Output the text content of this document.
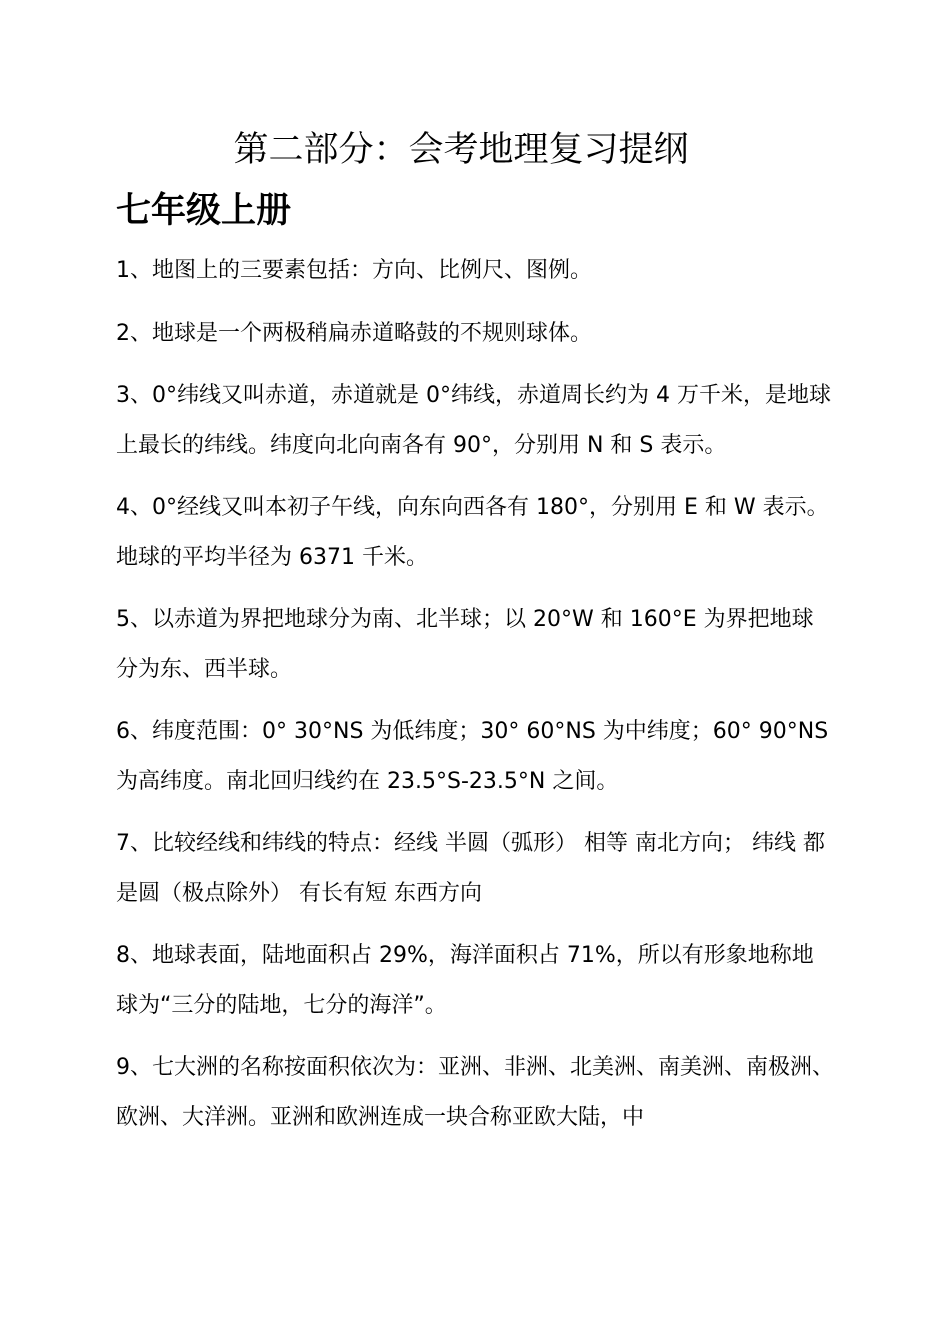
第二部分：会考地理复习提纲
七年级上册

1、地图上的三要素包括：方向、比例尺、图例。

2、地球是一个两极稍扁赤道略鼓的不规则球体。

3、0°纬线又叫赤道，赤道就是 0°纬线，赤道周长约为 4 万千米，是地球上最长的纬线。纬度向北向南各有 90°，分别用 N 和 S 表示。

4、0°经线又叫本初子午线，向东向西各有 180°，分别用 E 和 W 表示。地球的平均半径为 6371 千米。

5、以赤道为界把地球分为南、北半球；以 20°W 和 160°E 为界把地球分为东、西半球。

6、纬度范围：0° 30°NS 为低纬度；30° 60°NS 为中纬度；60° 90°NS 为高纬度。南北回归线约在 23.5°S-23.5°N 之间。

7、比较经线和纬线的特点：经线 半圆（弧形） 相等 南北方向； 纬线 都是圆（极点除外） 有长有短 东西方向

8、地球表面，陆地面积占 29%，海洋面积占 71%，所以有形象地称地球为“三分的陆地，七分的海洋”。

9、七大洲的名称按面积依次为：亚洲、非洲、北美洲、南美洲、南极洲、欧洲、大洋洲。亚洲和欧洲连成一块合称亚欧大陆，中
